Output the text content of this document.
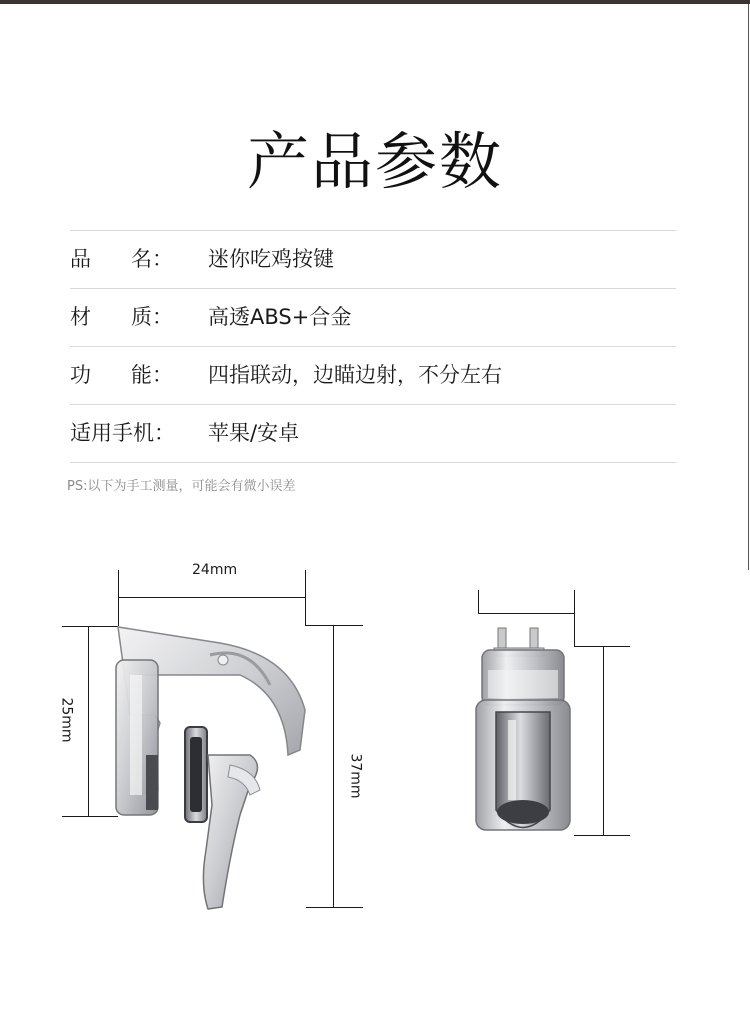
产品参数
品      名：	迷你吃鸡按键
材      质：	高透ABS+合金
功      能：	四指联动，边瞄边射，不分左右
适用手机：	苹果/安卓
PS:以下为手工测量，可能会有微小误差
24mm
25mm
37mm
